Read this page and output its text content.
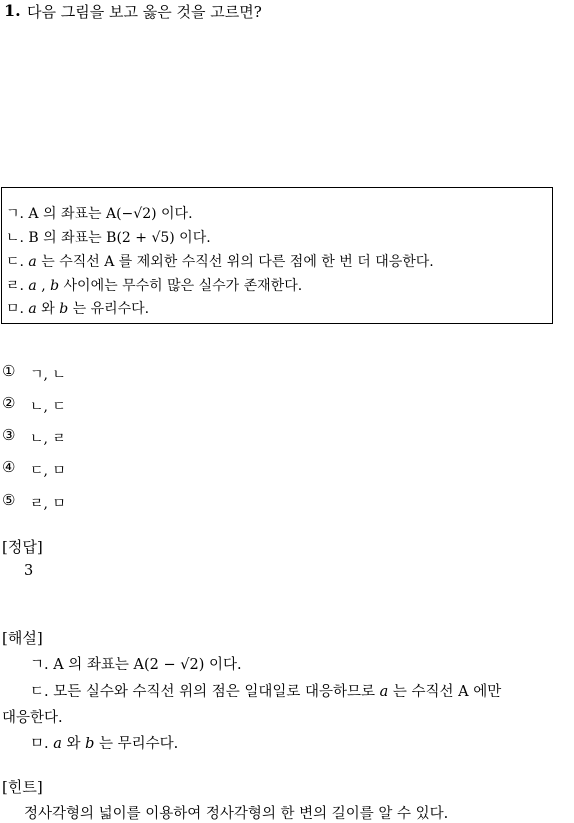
1. 다음 그림을 보고 옳은 것을 고르면?
ㄱ. A 의 좌표는 A(−√2) 이다.
ㄴ. B 의 좌표는 B(2 + √5) 이다.
ㄷ. 𝑎 는 수직선 A 를 제외한 수직선 위의 다른 점에 한 번 더 대응한다.
ㄹ. 𝑎 , 𝑏 사이에는 무수히 많은 실수가 존재한다.
ㅁ. 𝑎 와 𝑏 는 유리수다.
① ㄱ, ㄴ
② ㄴ, ㄷ
③ ㄴ, ㄹ
④ ㄷ, ㅁ
⑤ ㄹ, ㅁ
[정답]
3
[해설]
ㄱ. A 의 좌표는 A(2 − √2) 이다.
ㄷ. 모든 실수와 수직선 위의 점은 일대일로 대응하므로 𝑎 는 수직선 A 에만
대응한다.
ㅁ. 𝑎 와 𝑏 는 무리수다.
[힌트]
정사각형의 넓이를 이용하여 정사각형의 한 변의 길이를 알 수 있다.
